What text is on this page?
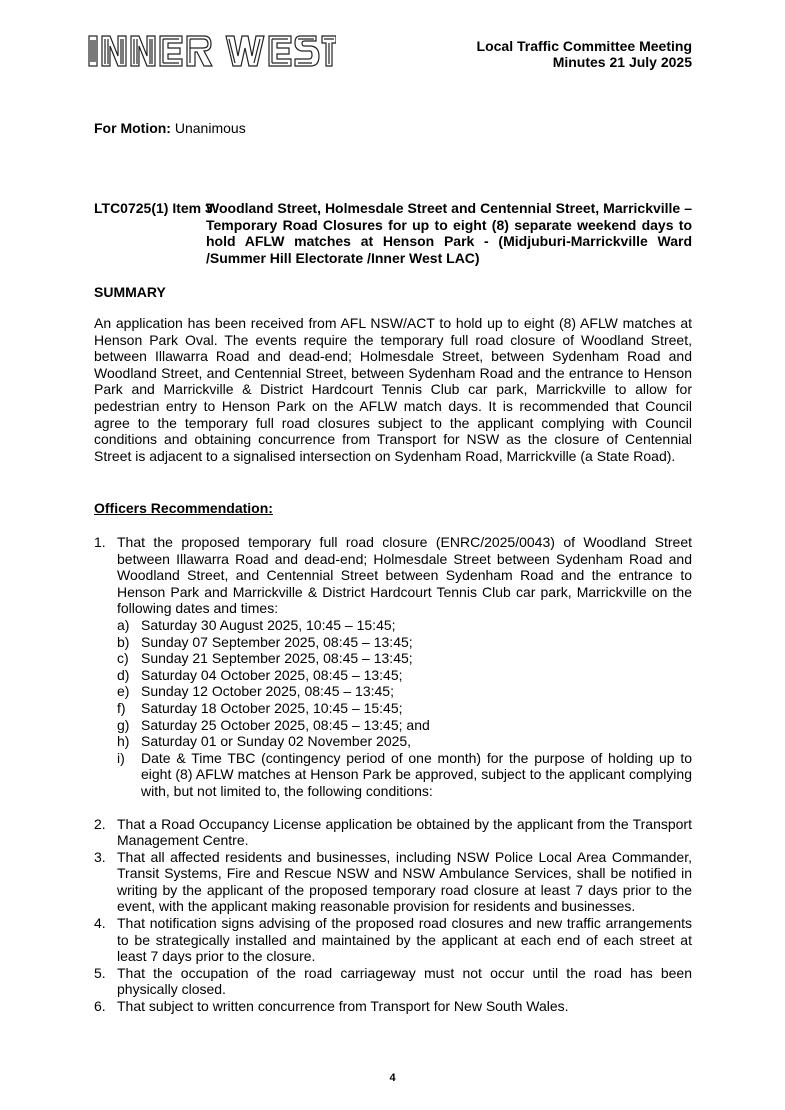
Local Traffic Committee Meeting
Minutes 21 July 2025
For Motion: Unanimous
LTC0725(1) Item 3
Woodland Street, Holmesdale Street and Centennial Street, Marrickville – Temporary Road Closures for up to eight (8) separate weekend days to hold AFLW matches at Henson Park - (Midjuburi-Marrickville Ward /Summer Hill Electorate /Inner West LAC)
SUMMARY
An application has been received from AFL NSW/ACT to hold up to eight (8) AFLW matches at Henson Park Oval. The events require the temporary full road closure of Woodland Street, between Illawarra Road and dead-end; Holmesdale Street, between Sydenham Road and Woodland Street, and Centennial Street, between Sydenham Road and the entrance to Henson Park and Marrickville & District Hardcourt Tennis Club car park, Marrickville to allow for pedestrian entry to Henson Park on the AFLW match days. It is recommended that Council agree to the temporary full road closures subject to the applicant complying with Council conditions and obtaining concurrence from Transport for NSW as the closure of Centennial Street is adjacent to a signalised intersection on Sydenham Road, Marrickville (a State Road).
Officers Recommendation:
1. That the proposed temporary full road closure (ENRC/2025/0043) of Woodland Street between Illawarra Road and dead-end; Holmesdale Street between Sydenham Road and Woodland Street, and Centennial Street between Sydenham Road and the entrance to Henson Park and Marrickville & District Hardcourt Tennis Club car park, Marrickville on the following dates and times:
a) Saturday 30 August 2025, 10:45 – 15:45;
b) Sunday 07 September 2025, 08:45 – 13:45;
c) Sunday 21 September 2025, 08:45 – 13:45;
d) Saturday 04 October 2025, 08:45 – 13:45;
e) Sunday 12 October 2025, 08:45 – 13:45;
f) Saturday 18 October 2025, 10:45 – 15:45;
g) Saturday 25 October 2025, 08:45 – 13:45; and
h) Saturday 01 or Sunday 02 November 2025,
i) Date & Time TBC (contingency period of one month) for the purpose of holding up to eight (8) AFLW matches at Henson Park be approved, subject to the applicant complying with, but not limited to, the following conditions:
2. That a Road Occupancy License application be obtained by the applicant from the Transport Management Centre.
3. That all affected residents and businesses, including NSW Police Local Area Commander, Transit Systems, Fire and Rescue NSW and NSW Ambulance Services, shall be notified in writing by the applicant of the proposed temporary road closure at least 7 days prior to the event, with the applicant making reasonable provision for residents and businesses.
4. That notification signs advising of the proposed road closures and new traffic arrangements to be strategically installed and maintained by the applicant at each end of each street at least 7 days prior to the closure.
5. That the occupation of the road carriageway must not occur until the road has been physically closed.
6. That subject to written concurrence from Transport for New South Wales.
4
